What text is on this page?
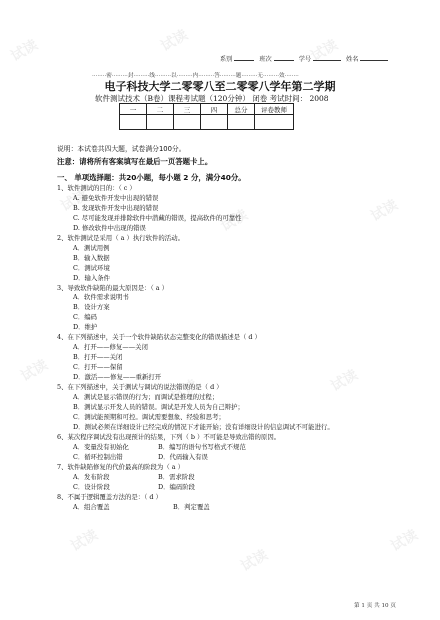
试读	试读	试读
试读
试读	试读
试读
试读	试读
试读
试读
试读
系别	班次	学号	姓名
········密·········封·········线·········以·········内·········答·········题·········无·········效········
电子科技大学二零零八至二零零八学年第二学期
软件测试技术（B卷）课程考试题（120分钟） 闭卷 考试时间： 2008
一	二	三	四	总分	评卷教师

说明：本试卷共四大题，试卷满分100分。
注意：请将所有客案填写在最后一页答题卡上。
一、 单项选择题：共20小题，每小题 2 分，满分40分。
1、软件测试的目的：（ c ）
A. 避免软件开发中出现的错误
B. 发现软件开发中出现的错误
C. 尽可能发现并排除软件中潜藏的错误，提高软件的可靠性
D. 修改软件中出现的错误
2、软件测试是采用（ a ）执行软件的活动。
A．测试用例
B．输入数据
C．测试环境
D．输入条件
3、导致软件缺陷的最大原因是：（ a ）
A．软件需求说明书
B．设计方案
C．编码
D．维护
4、在下列描述中，关于一个软件缺陷状态完整变化的错误描述是（ d ）
A．打开——修复——关闭
B．打开——关闭
C．打开——保留
D．激活——修复——重新打开
5、在下列描述中，关于测试与调试的说法错误的是（ d ）
A．测试是显示错误的行为；而调试是推理的过程；
B．测试显示开发人员的错误。调试是开发人员为自己辩护；
C．测试能预期和可控。调试需要想象、经验和思考；
D．测试必须在详细设计已经完成的情况下才能开始；没有详细设计的信息调试不可能进行。
6、某次程序调试没有出现预计的结果，下列（ b ）不可能是导致出错的原因。
A．变量没有初始化	B．编写的语句书写格式不规范
C．循环控制出错	D．代码输入有误
7、软件缺陷修复的代价最高的阶段为（ a ）
A．发布阶段	B．需求阶段
C．设计阶段	D．编码阶段
8、不属于逻辑覆盖方法的是：（ d ）
A．组合覆盖	B．判定覆盖
第 1 页 共 10 页
